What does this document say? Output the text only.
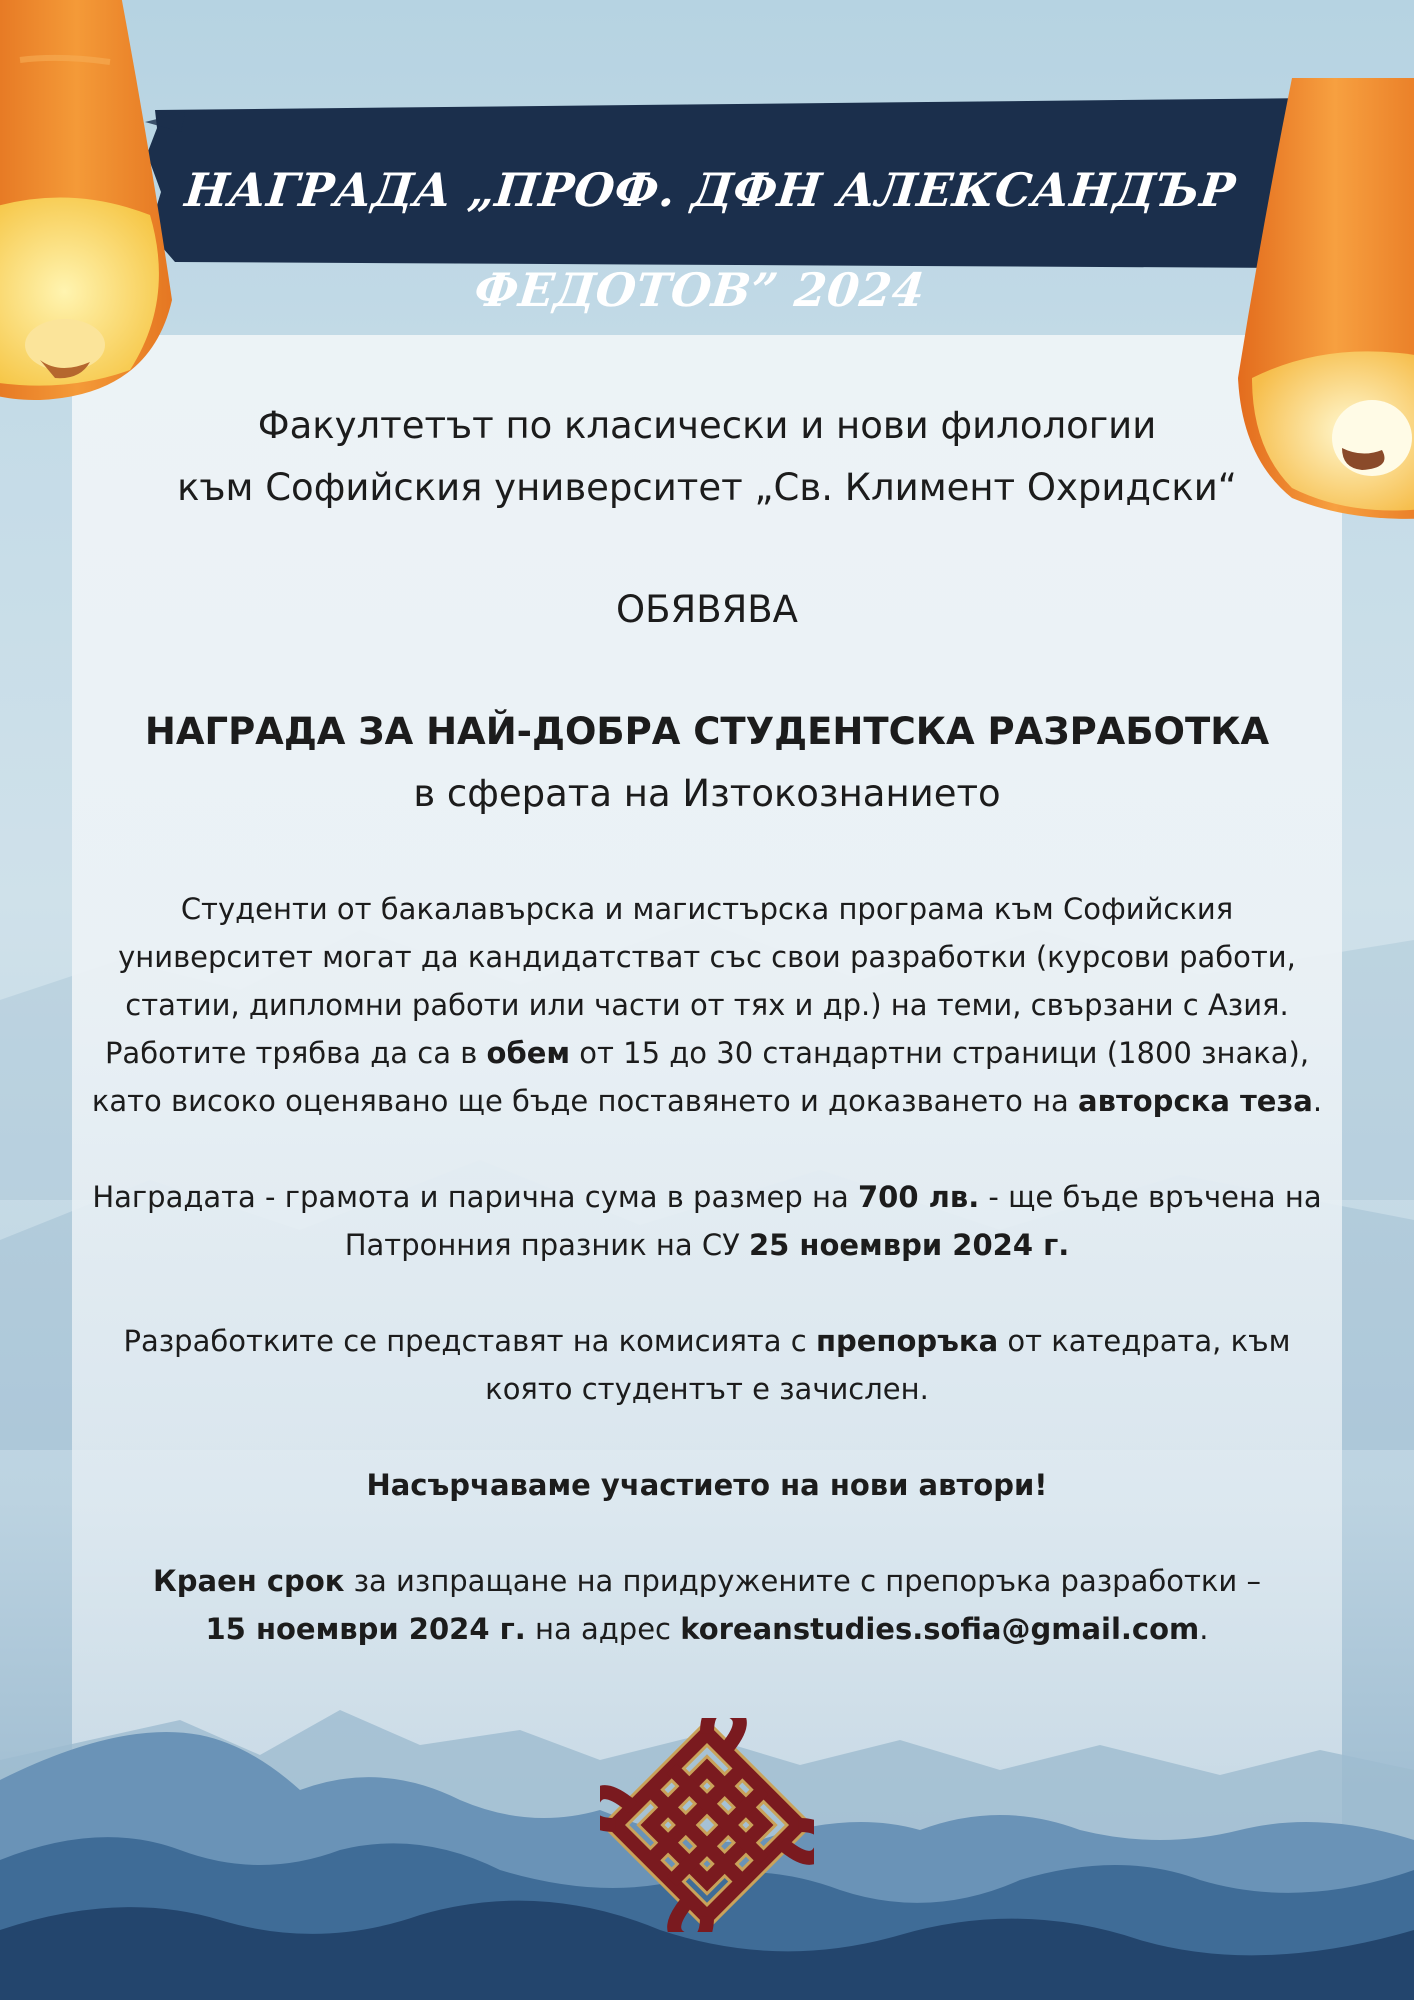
НАГРАДА „ПРОФ. ДФН АЛЕКСАНДЪР ФЕДОТОВ” 2024

Факултетът по класически и нови филологии

към Софийския университет „Св. Климент Охридски“

ОБЯВЯВА

НАГРАДА ЗА НАЙ-ДОБРА СТУДЕНТСКА РАЗРАБОТКА

в сферата на Изтокознанието

Студенти от бакалавърска и магистърска програма към Софийския университет могат да кандидатстват със свои разработки (курсови работи, статии, дипломни работи или части от тях и др.) на теми, свързани с Азия.

Работите трябва да са в обем от 15 до 30 стандартни страници (1800 знака),

като високо оценявано ще бъде поставянето и доказването на авторска теза.

Наградата - грамота и парична сума в размер на 700 лв. - ще бъде връчена на Патронния празник на СУ 25 ноември 2024 г.

Разработките се представят на комисията с препоръка от катедрата, към която студентът е зачислен.

Насърчаваме участието на нови автори!

Краен срок за изпращане на придружените с препоръка разработки –

15 ноември 2024 г. на адрес koreanstudies.sofia@gmail.com.
